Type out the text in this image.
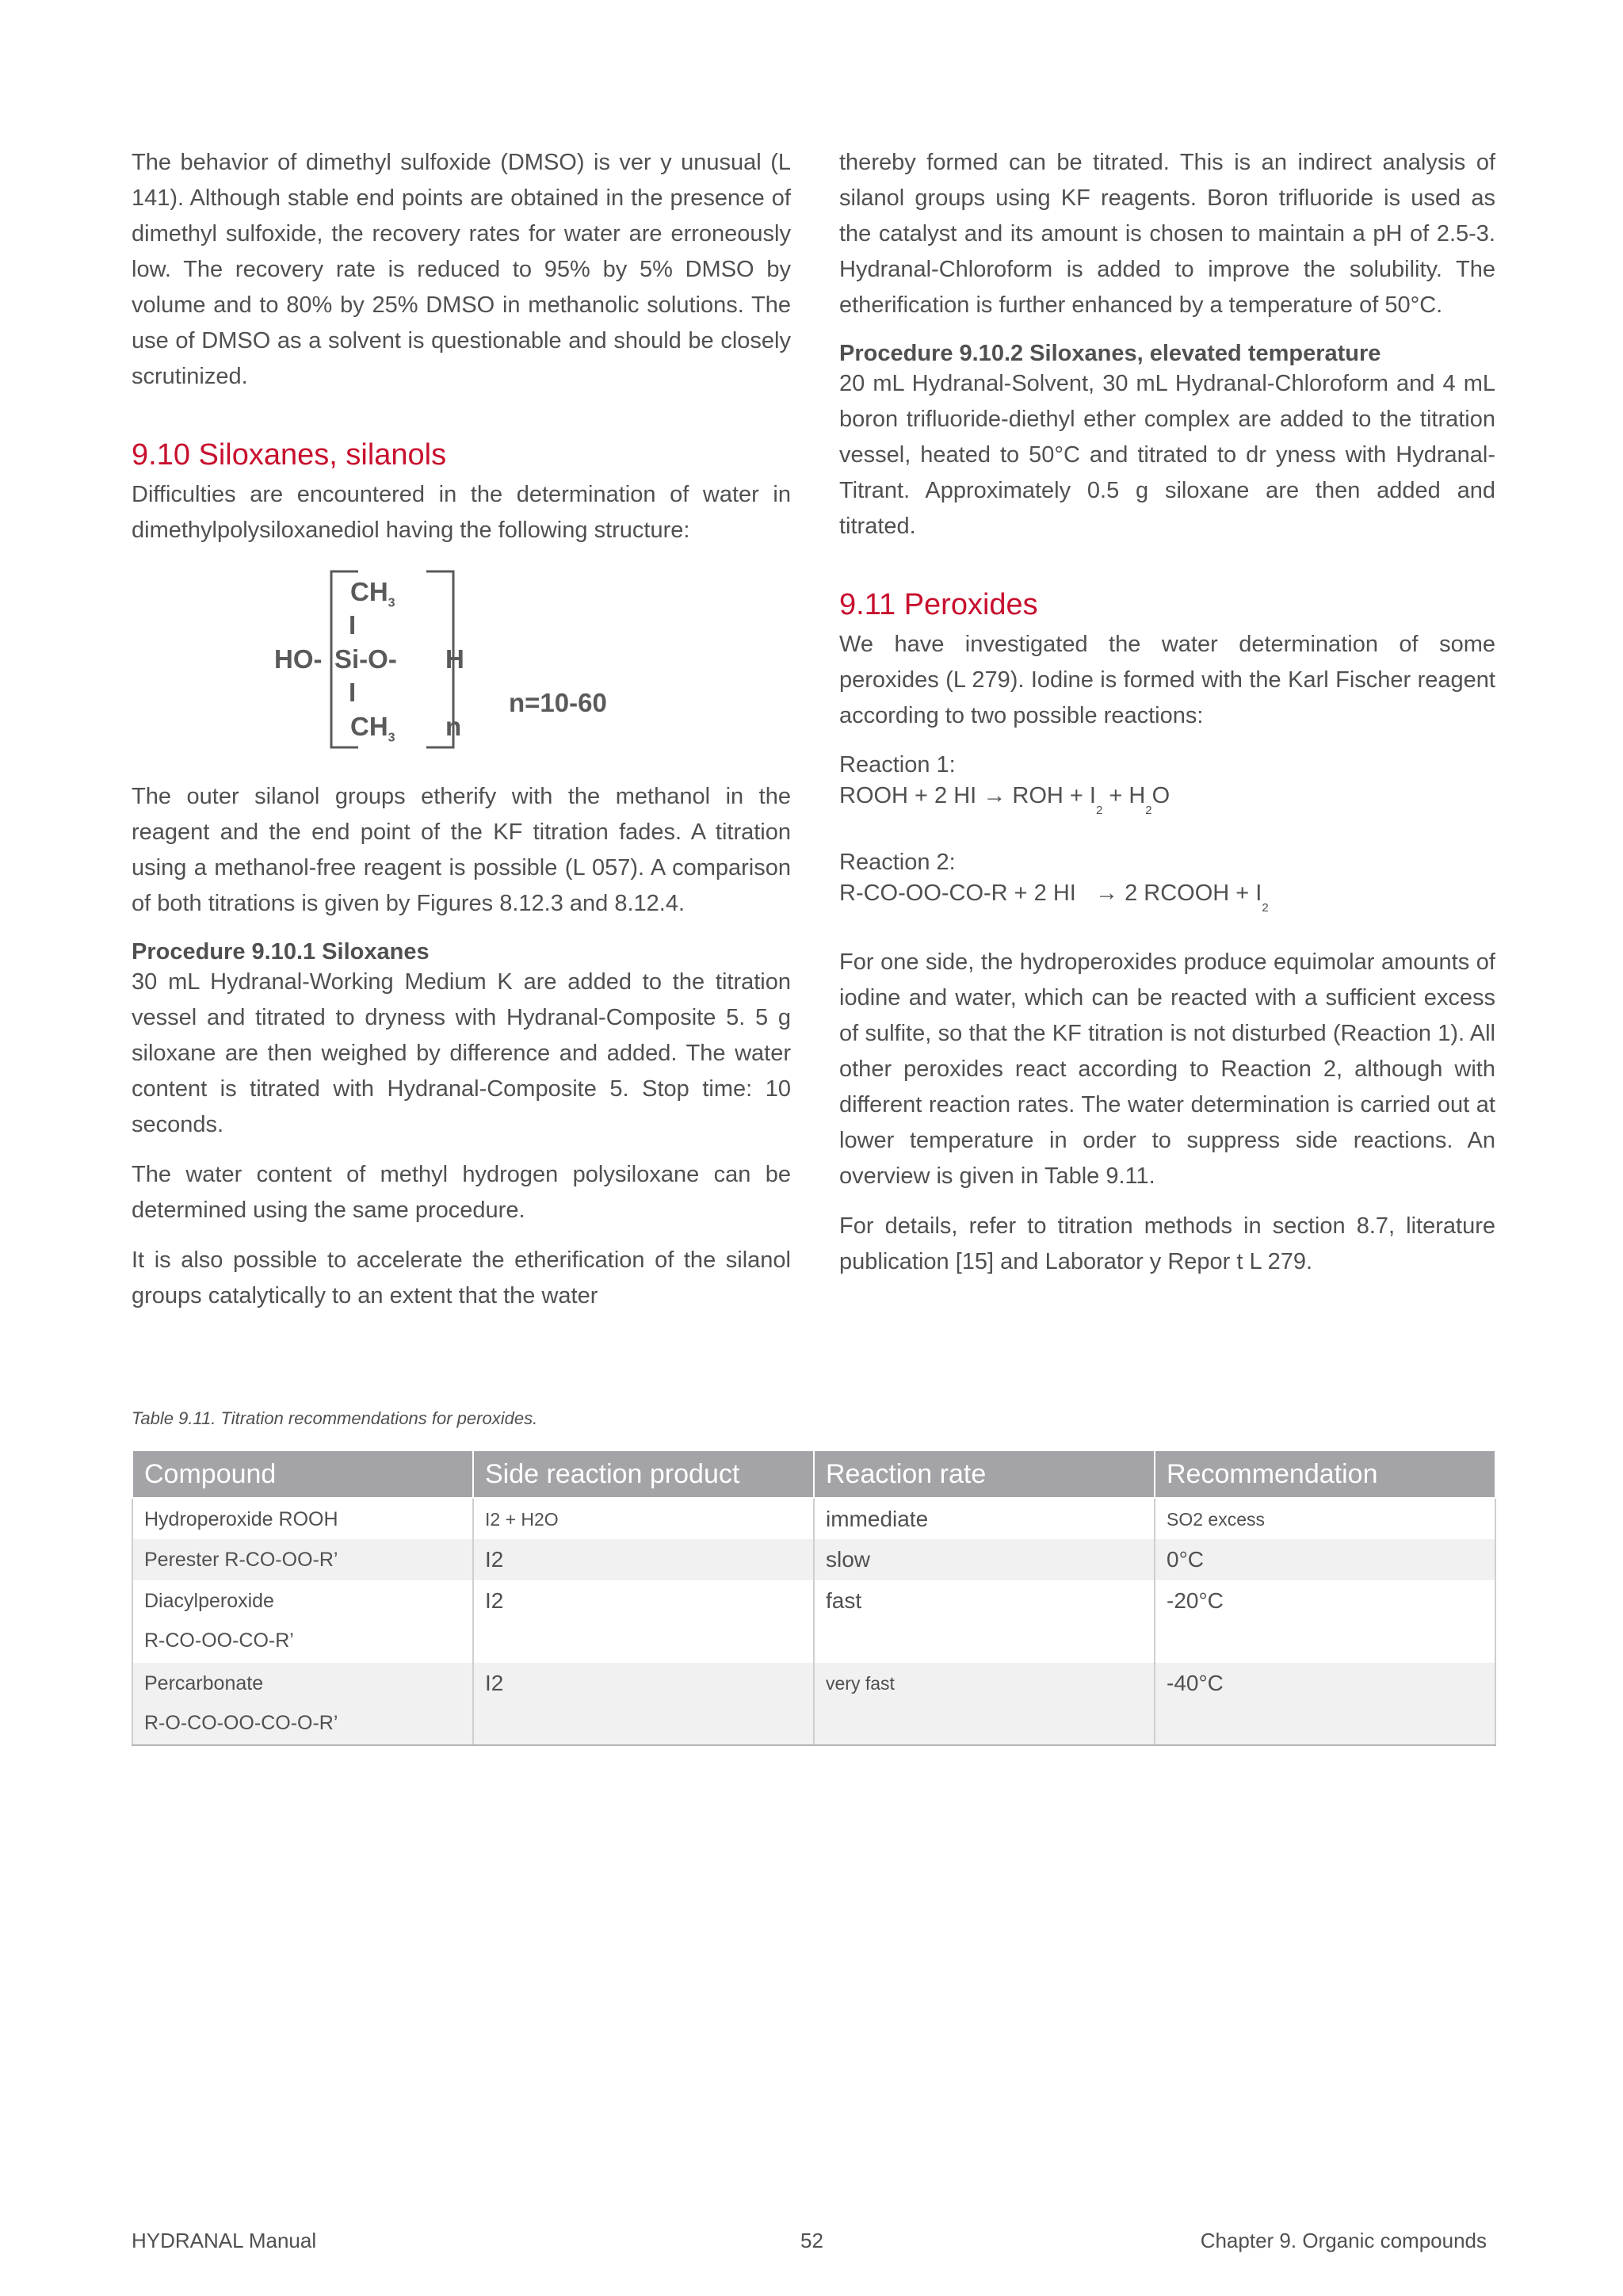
The behavior of dimethyl sulfoxide (DMSO) is ver y unusual (L 141). Although stable end points are obtained in the presence of dimethyl sulfoxide, the recovery rates for water are erroneously low. The recovery rate is reduced to 95% by 5% DMSO by volume and to 80% by 25% DMSO in methanolic solutions. The use of DMSO as a solvent is questionable and should be closely scrutinized.

9.10 Siloxanes, silanols

Difficulties are encountered in the determination of water in dimethylpolysiloxanediol having the following structure:

$CH_3$
I
HO- Si-O- H
I
$CH_3$ n
n=10-60

The outer silanol groups etherify with the methanol in the reagent and the end point of the KF titration fades. A titration using a methanol-free reagent is possible (L 057). A comparison of both titrations is given by Figures 8.12.3 and 8.12.4.

Procedure 9.10.1 Siloxanes

30 mL Hydranal-Working Medium K are added to the titration vessel and titrated to dryness with Hydranal-Composite 5. 5 g siloxane are then weighed by difference and added. The water content is titrated with Hydranal-Composite 5. Stop time: 10 seconds.

The water content of methyl hydrogen polysiloxane can be determined using the same procedure.

It is also possible to accelerate the etherification of the silanol groups catalytically to an extent that the water

thereby formed can be titrated. This is an indirect analysis of silanol groups using KF reagents. Boron trifluoride is used as the catalyst and its amount is chosen to maintain a pH of 2.5-3. Hydranal-Chloroform is added to improve the solubility. The etherification is further enhanced by a temperature of 50°C.

Procedure 9.10.2 Siloxanes, elevated temperature

20 mL Hydranal-Solvent, 30 mL Hydranal-Chloroform and 4 mL boron trifluoride-diethyl ether complex are added to the titration vessel, heated to 50°C and titrated to dr yness with Hydranal-Titrant. Approximately 0.5 g siloxane are then added and titrated.

9.11 Peroxides

We have investigated the water determination of some peroxides (L 279). Iodine is formed with the Karl Fischer reagent according to two possible reactions:

Reaction 1:
ROOH + 2 HI → ROH + $I_2 + H_2O$
Reaction 2:
R-CO-OO-CO-R + 2 HI → 2 RCOOH + $I_2$

For one side, the hydroperoxides produce equimolar amounts of iodine and water, which can be reacted with a sufficient excess of sulfite, so that the KF titration is not disturbed (Reaction 1). All other peroxides react according to Reaction 2, although with different reaction rates. The water determination is carried out at lower temperature in order to suppress side reactions. An overview is given in Table 9.11.

For details, refer to titration methods in section 8.7, literature publication [15] and Laborator y Repor t L 279.

Table 9.11. Titration recommendations for peroxides.
Compound	Side reaction product	Reaction rate	Recommendation
Hydroperoxide ROOH	I2 + H2O	immediate	SO2 excess
Perester R-CO-OO-R’	I2	slow	0°C

Diacylperoxide
R-CO-OO-CO-R’	I2	fast	-20°C

Percarbonate
R-O-CO-OO-CO-O-R’	I2	very fast	-40°C
HYDRANAL Manual	52	Chapter 9. Organic compounds
